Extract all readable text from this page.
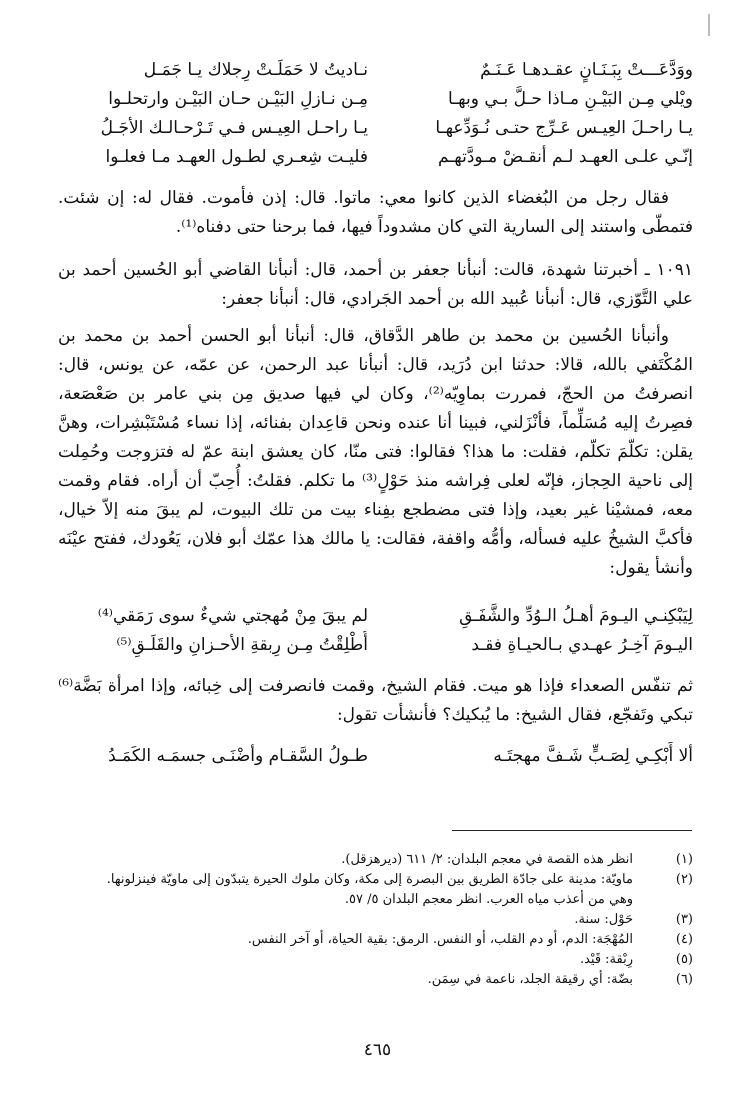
ووَدَّعَـــتْ بِبَـنَـانٍ عقـدهـا عَـنَـمٌ
نـاديتُ لا حَمَلَـتْ رِجلاك يـا جَمَـل
ويْلي مِـن البَيْـنِ مـاذا حـلَّ بـي وبهـا
مِـن نـازلِ البَيْـن حـان البَيْـن وارتحلـوا
يـا راحـلَ العِيـس عَـرِّج حتـى نُـوَدِّعهـا
يـا راحـل العِيـس فـي تَـرْحـالـك الأجَـلُ
إنّـي علـى العهـد لـم أنقـضْ مـودَّتهـم
فليـت شِعـري لطـول العهـد مـا فعلـوا

فقال رجل من البُغضاء الذين كانوا معي: ماتوا. قال: إذن فأموت. فقال له: إن شئت. فتمطّى واستند إلى السارية التي كان مشدوداً فيها، فما برحنا حتى دفناه⁽¹⁾.

١٠٩١ ـ أخبرتنا شهدة، قالت: أنبأنا جعفر بن أحمد، قال: أنبأنا القاضي أبو الحُسين أحمد بن علي التَّوّزي، قال: أنبأنا عُبيد الله بن أحمد الجَرادي، قال: أنبأنا جعفر:

وأنبأنا الحُسين بن محمد بن طاهر الدَّقاق، قال: أنبأنا أبو الحسن أحمد بن محمد بن المُكْتَفي بالله، قالا: حدثنا ابن دُرَيد، قال: أنبأنا عبد الرحمن، عن عمّه، عن يونس، قال: انصرفتُ من الحجّ، فمررت بماوِيّه⁽²⁾، وكان لي فيها صديق مِن بني عامر بن صَعْصَعة، فصِرتُ إليه مُسَلِّماً، فأنْزَلني، فبينا أنا عنده ونحن قاعِدان بفنائه، إذا نساء مُسْتَبْشِرات، وهنَّ يقلن: تكلّمَ تكلّم، فقلت: ما هذا؟ فقالوا: فتى منّا، كان يعشق ابنة عمّ له فتزوجت وحُمِلت إلى ناحية الحِجاز، فإنّه لعلى فِراشه منذ حَوْلٍ⁽³⁾ ما تكلم. فقلتُ: أُحِبّ أن أراه. فقام وقمت معه، فمشيْنا غير بعيد، وإذا فتى مضطجع بفِناء بيت من تلك البيوت، لم يبقَ منه إلاّ خيال، فأكبَّ الشيخُ عليه فسأله، وأمُّه واقفة، فقالت: يا مالك هذا عمّك أبو فلان، يَعُودك، ففتح عيْنَه وأنشأ يقول:

لِيَبْكِنـي اليـومَ أهـلُ الـوُدِّ والشَّفَـقِ
لم يبقَ مِنْ مُهجتي شيءٌ سوى رَمَقي⁽⁴⁾
اليـومَ آخِـرُ عهـدي بـالحيـاةِ فقـد
أُطْلِقْتُ مِـن رِبقةِ الأحـزانِ والقَلَـقِ⁽⁵⁾

ثم تنفّس الصعداء فإذا هو ميت. فقام الشيخ، وقمت فانصرفت إلى خِبائه، وإذا امرأة بَضَّة⁽⁶⁾ تبكي وتَفجّع، فقال الشيخ: ما يُبكيك؟ فأنشأت تقول:

ألا أَبْكِـي لِصَـبٍّ شَـفَّ مهجتَـه
طـولُ السَّقـام وأضْنَـى جسمَـه الكَمَـدُ
(١)
انظر هذه القصة في معجم البلدان: ٢/ ٦١١ (ديرهزقل).
(٢)
ماويّة: مدينة على جادّة الطريق بين البصرة إلى مكة، وكان ملوك الحيرة يتبدّون إلى ماويّة فينزلونها.
وهي من أعذب مياه العرب. انظر معجم البلدان ٥/ ٥٧.
(٣)
حَوْل: سنة.
(٤)
المُهْجَة: الدم، أو دم القلب، أو النفس. الرمق: بقية الحياة، أو آخر النفس.
(٥)
رِبْقة: قَيْد.
(٦)
بضّة: أي رقيقة الجلد، ناعمة في سِمَن.
٤٦٥
